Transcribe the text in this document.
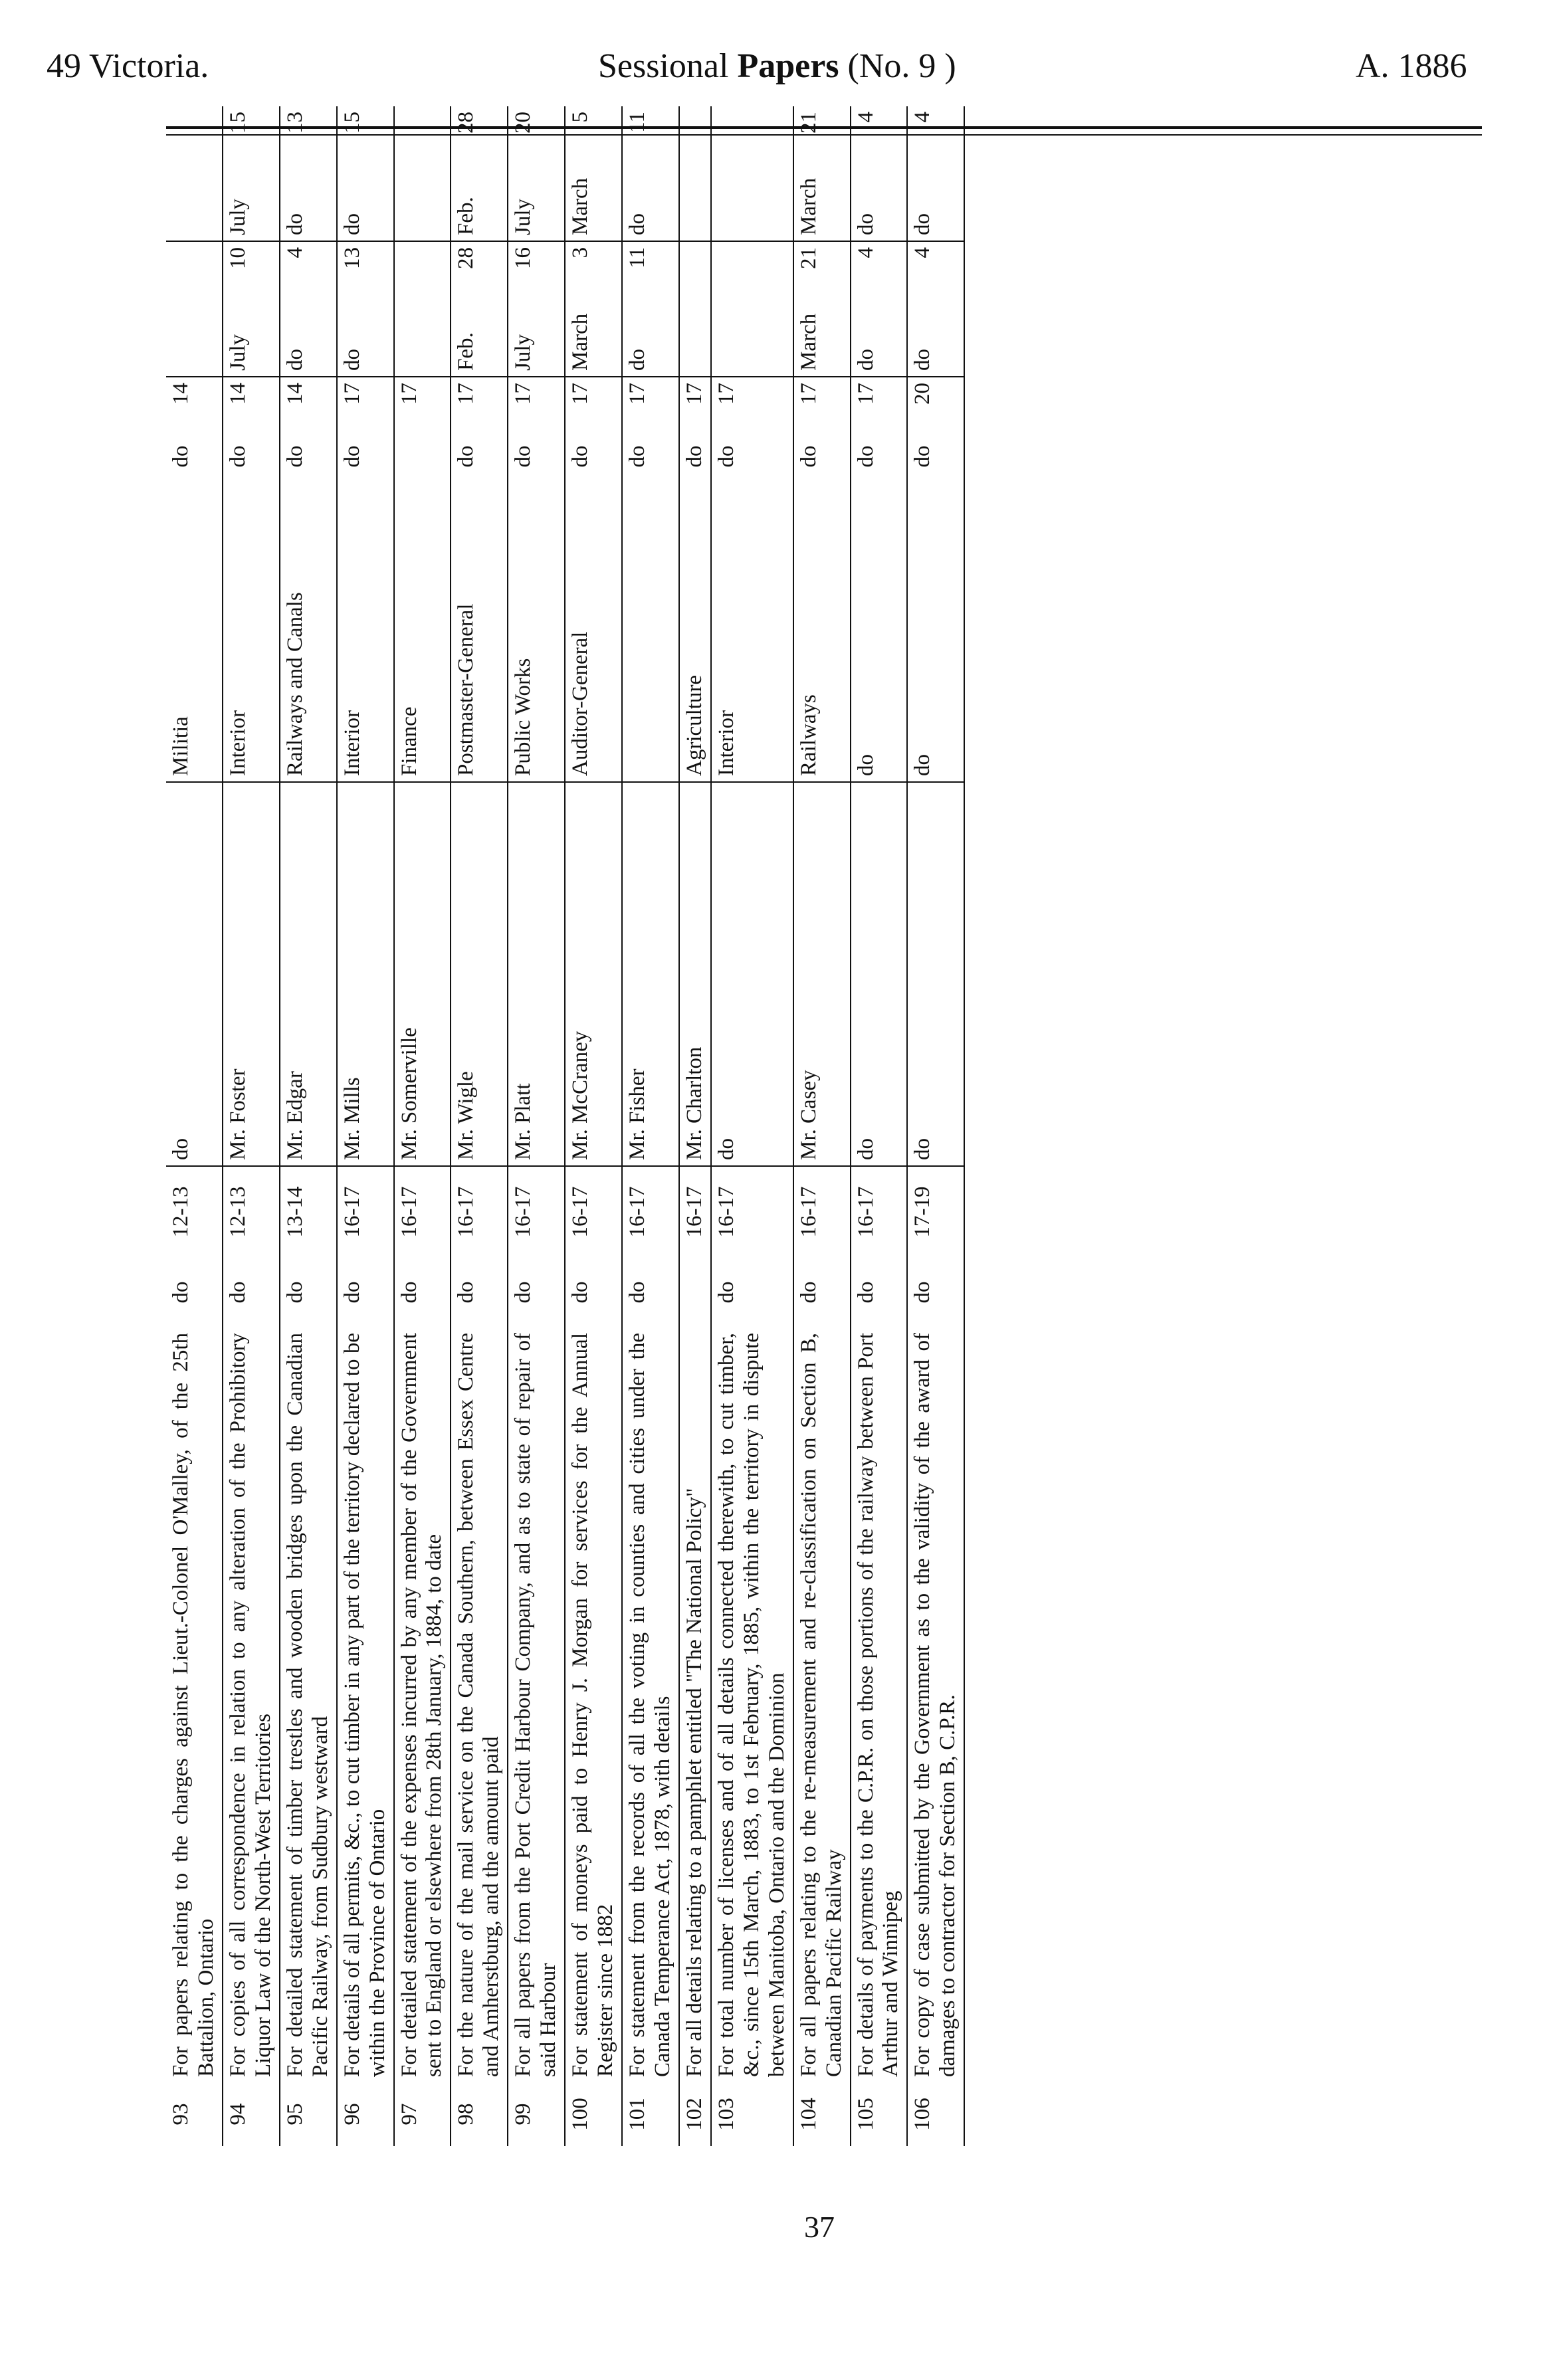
49 Victoria.	Sessional Papers (No. 9 )	A. 1886
93	For papers relating to the charges against Lieut.-Colonel O'Malley, of the 25th Battalion, Ontario	do	12-13	do	Militia	do	14				
94	For copies of all correspondence in relation to any alteration of the Prohibitory Liquor Law of the North-West Territories	do	12-13	Mr. Foster	Interior	do	14	July	10	July	15
95	For detailed statement of timber trestles and wooden bridges upon the Canadian Pacific Railway, from Sudbury westward	do	13-14	Mr. Edgar	Railways and Canals	do	14	do	4	do	13
96	For details of all permits, &c., to cut timber in any part of the territory declared to be within the Province of Ontario	do	16-17	Mr. Mills	Interior	do	17	do	13	do	15
97	For detailed statement of the expenses incurred by any member of the Government sent to England or elsewhere from 28th January, 1884, to date	do	16-17	Mr. Somerville	Finance		17				
98	For the nature of the mail service on the Canada Southern, between Essex Centre and Amherstburg, and the amount paid	do	16-17	Mr. Wigle	Postmaster-General	do	17	Feb.	28	Feb.	28
99	For all papers from the Port Credit Harbour Company, and as to state of repair of said Harbour	do	16-17	Mr. Platt	Public Works	do	17	July	16	July	20
100	For statement of moneys paid to Henry J. Morgan for services for the Annual Register since 1882	do	16-17	Mr. McCraney	Auditor-General	do	17	March	3	March	5
101	For statement from the records of all the voting in counties and cities under the Canada Temperance Act, 1878, with details	do	16-17	Mr. Fisher		do	17	do	11	do	11
102	For all details relating to a pamphlet entitled "The National Policy"		16-17	Mr. Charlton	Agriculture	do	17				
103	For total number of licenses and of all details connected therewith, to cut timber, &c., since 15th March, 1883, to 1st February, 1885, within the territory in dispute between Manitoba, Ontario and the Dominion	do	16-17	do	Interior	do	17				
104	For all papers relating to the re-measurement and re-classification on Section B, Canadian Pacific Railway	do	16-17	Mr. Casey	Railways	do	17	March	21	March	21
105	For details of payments to the C.P.R. on those portions of the railway between Port Arthur and Winnipeg	do	16-17	do	do	do	17	do	4	do	4
106	For copy of case submitted by the Government as to the validity of the award of damages to contractor for Section B, C.P.R.	do	17-19	do	do	do	20	do	4	do	4
37
